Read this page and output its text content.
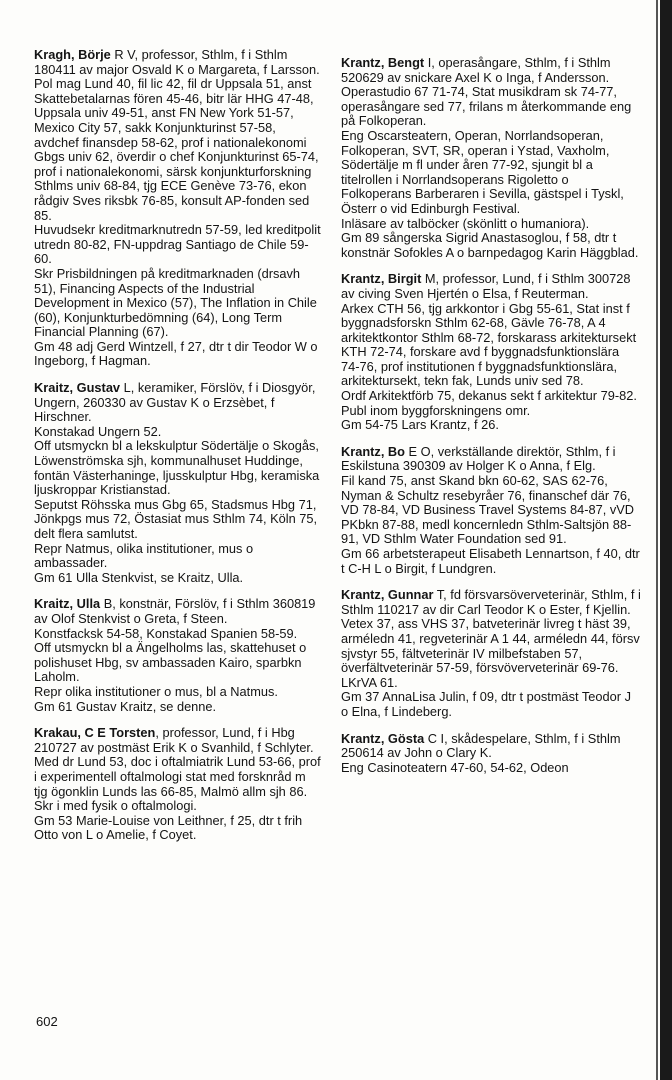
Kragh, Börje R V, professor, Sthlm, f i Sthlm 180411 av major Osvald K o Margareta, f Larsson.

Pol mag Lund 40, fil lic 42, fil dr Uppsala 51, anst Skattebetalarnas fören 45-46, bitr lär HHG 47-48, Uppsala univ 49-51, anst FN New York 51-57, Mexico City 57, sakk Konjunkturinst 57-58, avdchef finansdep 58-62, prof i nationalekonomi Gbgs univ 62, överdir o chef Konjunkturinst 65-74, prof i nationalekonomi, särsk konjunkturforskning Sthlms univ 68-84, tjg ECE Genève 73-76, ekon rådgiv Sves riksbk 76-85, konsult AP-fonden sed 85.

Huvudsekr kreditmarknutredn 57-59, led kreditpolit utredn 80-82, FN-uppdrag Santiago de Chile 59-60.

Skr Prisbildningen på kreditmarknaden (drsavh 51), Financing Aspects of the Industrial Development in Mexico (57), The Inflation in Chile (60), Konjunkturbedömning (64), Long Term Financial Planning (67).

Gm 48 adj Gerd Wintzell, f 27, dtr t dir Teodor W o Ingeborg, f Hagman.

Kraitz, Gustav L, keramiker, Förslöv, f i Diosgyör, Ungern, 260330 av Gustav K o Erzsèbet, f Hirschner.

Konstakad Ungern 52.

Off utsmyckn bl a lekskulptur Södertälje o Skogås, Löwenströmska sjh, kommunalhuset Huddinge, fontän Västerhaninge, ljusskulptur Hbg, keramiska ljuskroppar Kristianstad.

Seputst Röhsska mus Gbg 65, Stadsmus Hbg 71, Jönkpgs mus 72, Östasiat mus Sthlm 74, Köln 75, delt flera samlutst.

Repr Natmus, olika institutioner, mus o ambassader.

Gm 61 Ulla Stenkvist, se Kraitz, Ulla.

Kraitz, Ulla B, konstnär, Förslöv, f i Sthlm 360819 av Olof Stenkvist o Greta, f Steen.

Konstfacksk 54-58, Konstakad Spanien 58-59.

Off utsmyckn bl a Ängelholms las, skattehuset o polishuset Hbg, sv ambassaden Kairo, sparbkn Laholm.

Repr olika institutioner o mus, bl a Natmus.

Gm 61 Gustav Kraitz, se denne.

Krakau, C E Torsten, professor, Lund, f i Hbg 210727 av postmäst Erik K o Svanhild, f Schlyter.

Med dr Lund 53, doc i oftalmiatrik Lund 53-66, prof i experimentell oftalmologi stat med forsknråd m tjg ögonklin Lunds las 66-85, Malmö allm sjh 86.

Skr i med fysik o oftalmologi.

Gm 53 Marie-Louise von Leithner, f 25, dtr t frih Otto von L o Amelie, f Coyet.

Krantz, Bengt I, operasångare, Sthlm, f i Sthlm 520629 av snickare Axel K o Inga, f Andersson.

Operastudio 67 71-74, Stat musikdram sk 74-77, operasångare sed 77, frilans m återkommande eng på Folkoperan.

Eng Oscarsteatern, Operan, Norrlandsoperan, Folkoperan, SVT, SR, operan i Ystad, Vaxholm, Södertälje m fl under åren 77-92, sjungit bl a titelrollen i Norrlandsoperans Rigoletto o Folkoperans Barberaren i Sevilla, gästspel i Tyskl, Österr o vid Edinburgh Festival.

Inläsare av talböcker (skönlitt o humaniora).

Gm 89 sångerska Sigrid Anastasoglou, f 58, dtr t konstnär Sofokles A o barnpedagog Karin Häggblad.

Krantz, Birgit M, professor, Lund, f i Sthlm 300728 av civing Sven Hjertén o Elsa, f Reuterman.

Arkex CTH 56, tjg arkkontor i Gbg 55-61, Stat inst f byggnadsforskn Sthlm 62-68, Gävle 76-78, A 4 arkitektkontor Sthlm 68-72, forskarass arkitektursekt KTH 72-74, forskare avd f byggnadsfunktionslära 74-76, prof institutionen f byggnadsfunktionslära, arkitektursekt, tekn fak, Lunds univ sed 78.

Ordf Arkitektförb 75, dekanus sekt f arkitektur 79-82.

Publ inom byggforskningens omr.

Gm 54-75 Lars Krantz, f 26.

Krantz, Bo E O, verkställande direktör, Sthlm, f i Eskilstuna 390309 av Holger K o Anna, f Elg.

Fil kand 75, anst Skand bkn 60-62, SAS 62-76, Nyman & Schultz resebyråer 76, finanschef där 76, VD 78-84, VD Business Travel Systems 84-87, vVD PKbkn 87-88, medl koncernledn Sthlm-Saltsjön 88-91, VD Sthlm Water Foundation sed 91.

Gm 66 arbetsterapeut Elisabeth Lennartson, f 40, dtr t C-H L o Birgit, f Lundgren.

Krantz, Gunnar T, fd försvarsöverveterinär, Sthlm, f i Sthlm 110217 av dir Carl Teodor K o Ester, f Kjellin.

Vetex 37, ass VHS 37, batveterinär livreg t häst 39, arméledn 41, regveterinär A 1 44, arméledn 44, försv sjvstyr 55, fältveterinär IV milbefstaben 57, överfältveterinär 57-59, försvöverveterinär 69-76.

LKrVA 61.

Gm 37 AnnaLisa Julin, f 09, dtr t postmäst Teodor J o Elna, f Lindeberg.

Krantz, Gösta C I, skådespelare, Sthlm, f i Sthlm 250614 av John o Clary K.

Eng Casinoteatern 47-60, 54-62, Odeon

602
